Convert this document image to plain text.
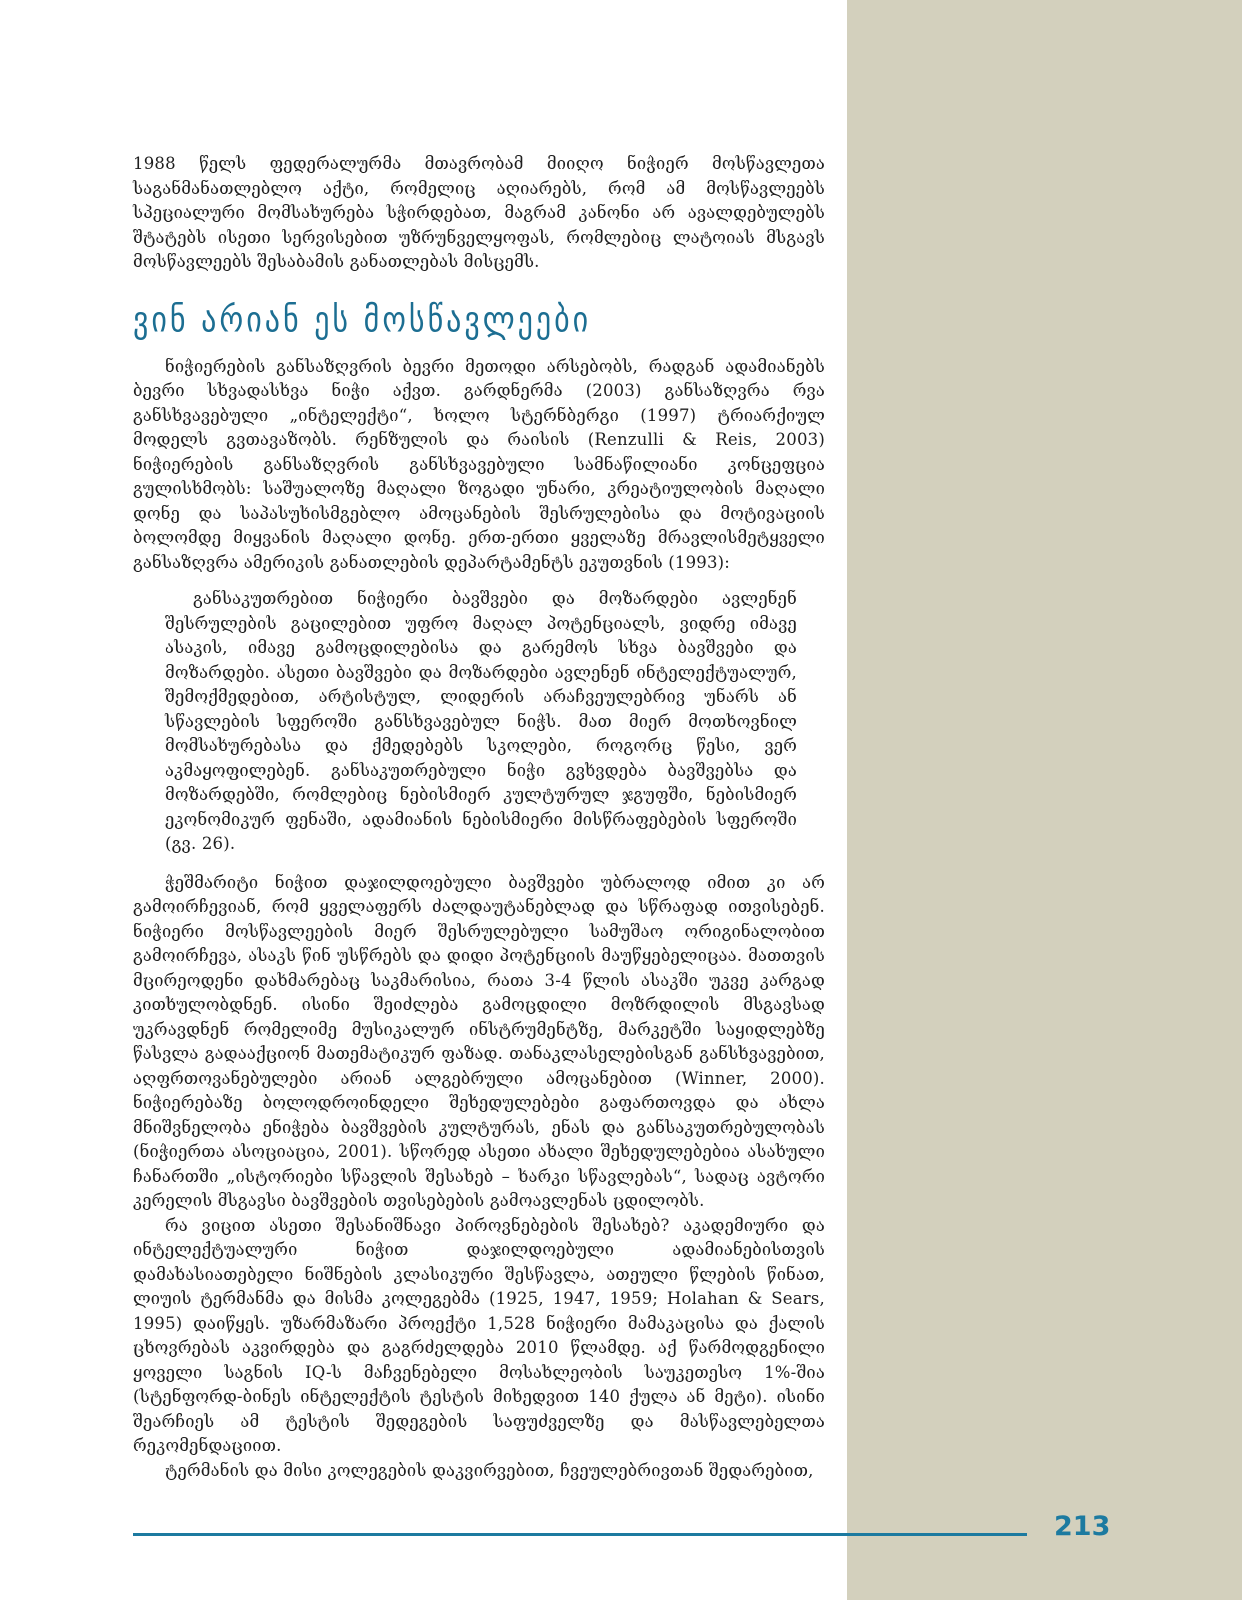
1988 წელს ფედერალურმა მთავრობამ მიიღო ნიჭიერ მოსწავლეთა საგანმანათლებლო აქტი, რომელიც აღიარებს, რომ ამ მოსწავლეებს სპეციალური მომსახურება სჭირდებათ, მაგრამ კანონი არ ავალდებულებს შტატებს ისეთი სერვისებით უზრუნველყოფას, რომლებიც ლატოიას მსგავს მოსწავლეებს შესაბამის განათლებას მისცემს.

ვინ არიან ეს მოსწავლეები

ნიჭიერების განსაზღვრის ბევრი მეთოდი არსებობს, რადგან ადამიანებს ბევრი სხვადასხვა ნიჭი აქვთ. გარდნერმა (2003) განსაზღვრა რვა განსხვავებული „ინტელექტი“, ხოლო სტერნბერგი (1997) ტრიარქიულ მოდელს გვთავაზობს. რენზულის და რაისის (Renzulli & Reis, 2003) ნიჭიერების განსაზღვრის განსხვავებული სამნაწილიანი კონცეფცია გულისხმობს: საშუალოზე მაღალი ზოგადი უნარი, კრეატიულობის მაღალი დონე და საპასუხისმგებლო ამოცანების შესრულებისა და მოტივაციის ბოლომდე მიყვანის მაღალი დონე. ერთ-ერთი ყველაზე მრავლისმეტყველი განსაზღვრა ამერიკის განათლების დეპარტამენტს ეკუთვნის (1993):

განსაკუთრებით ნიჭიერი ბავშვები და მოზარდები ავლენენ შესრულების გაცილებით უფრო მაღალ პოტენციალს, ვიდრე იმავე ასაკის, იმავე გამოცდილებისა და გარემოს სხვა ბავშვები და მოზარდები. ასეთი ბავშვები და მოზარდები ავლენენ ინტელექტუალურ, შემოქმედებით, არტისტულ, ლიდერის არაჩვეულებრივ უნარს ან სწავლების სფეროში განსხვავებულ ნიჭს. მათ მიერ მოთხოვნილ მომსახურებასა და ქმედებებს სკოლები, როგორც წესი, ვერ აკმაყოფილებენ. განსაკუთრებული ნიჭი გვხვდება ბავშვებსა და მოზარდებში, რომლებიც ნებისმიერ კულტურულ ჯგუფში, ნებისმიერ ეკონომიკურ ფენაში, ადამიანის ნებისმიერი მისწრაფებების სფეროში (გვ. 26).

ჭეშმარიტი ნიჭით დაჯილდოებული ბავშვები უბრალოდ იმით კი არ გამოირჩევიან, რომ ყველაფერს ძალდაუტანებლად და სწრაფად ითვისებენ. ნიჭიერი მოსწავლეების მიერ შესრულებული სამუშაო ორიგინალობით გამოირჩევა, ასაკს წინ უსწრებს და დიდი პოტენციის მაუწყებელიცაა. მათთვის მცირეოდენი დახმარებაც საკმარისია, რათა 3-4 წლის ასაკში უკვე კარგად კითხულობდნენ. ისინი შეიძლება გამოცდილი მოზრდილის მსგავსად უკრავდნენ რომელიმე მუსიკალურ ინსტრუმენტზე, მარკეტში საყიდლებზე წასვლა გადააქციონ მათემატიკურ ფაზად. თანაკლასელებისგან განსხვავებით, აღფრთოვანებულები არიან ალგებრული ამოცანებით (Winner, 2000). ნიჭიერებაზე ბოლოდროინდელი შეხედულებები გაფართოვდა და ახლა მნიშვნელობა ენიჭება ბავშვების კულტურას, ენას და განსაკუთრებულობას (ნიჭიერთა ასოციაცია, 2001). სწორედ ასეთი ახალი შეხედულებებია ასახული ჩანართში „ისტორიები სწავლის შესახებ – ხარკი სწავლებას“, სადაც ავტორი კერელის მსგავსი ბავშვების თვისებების გამოავლენას ცდილობს.

რა ვიცით ასეთი შესანიშნავი პიროვნებების შესახებ? აკადემიური და ინტელექტუალური ნიჭით დაჯილდოებული ადამიანებისთვის დამახასიათებელი ნიშნების კლასიკური შესწავლა, ათეული წლების წინათ, ლიუის ტერმანმა და მისმა კოლეგებმა (1925, 1947, 1959; Holahan & Sears, 1995) დაიწყეს. უზარმაზარი პროექტი 1,528 ნიჭიერი მამაკაცისა და ქალის ცხოვრებას აკვირდება და გაგრძელდება 2010 წლამდე. აქ წარმოდგენილი ყოველი საგნის IQ-ს მაჩვენებელი მოსახლეობის საუკეთესო 1%-შია (სტენფორდ-ბინეს ინტელექტის ტესტის მიხედვით 140 ქულა ან მეტი). ისინი შეარჩიეს ამ ტესტის შედეგების საფუძველზე და მასწავლებელთა რეკომენდაციით.

ტერმანის და მისი კოლეგების დაკვირვებით, ჩვეულებრივთან შედარებით,

213
